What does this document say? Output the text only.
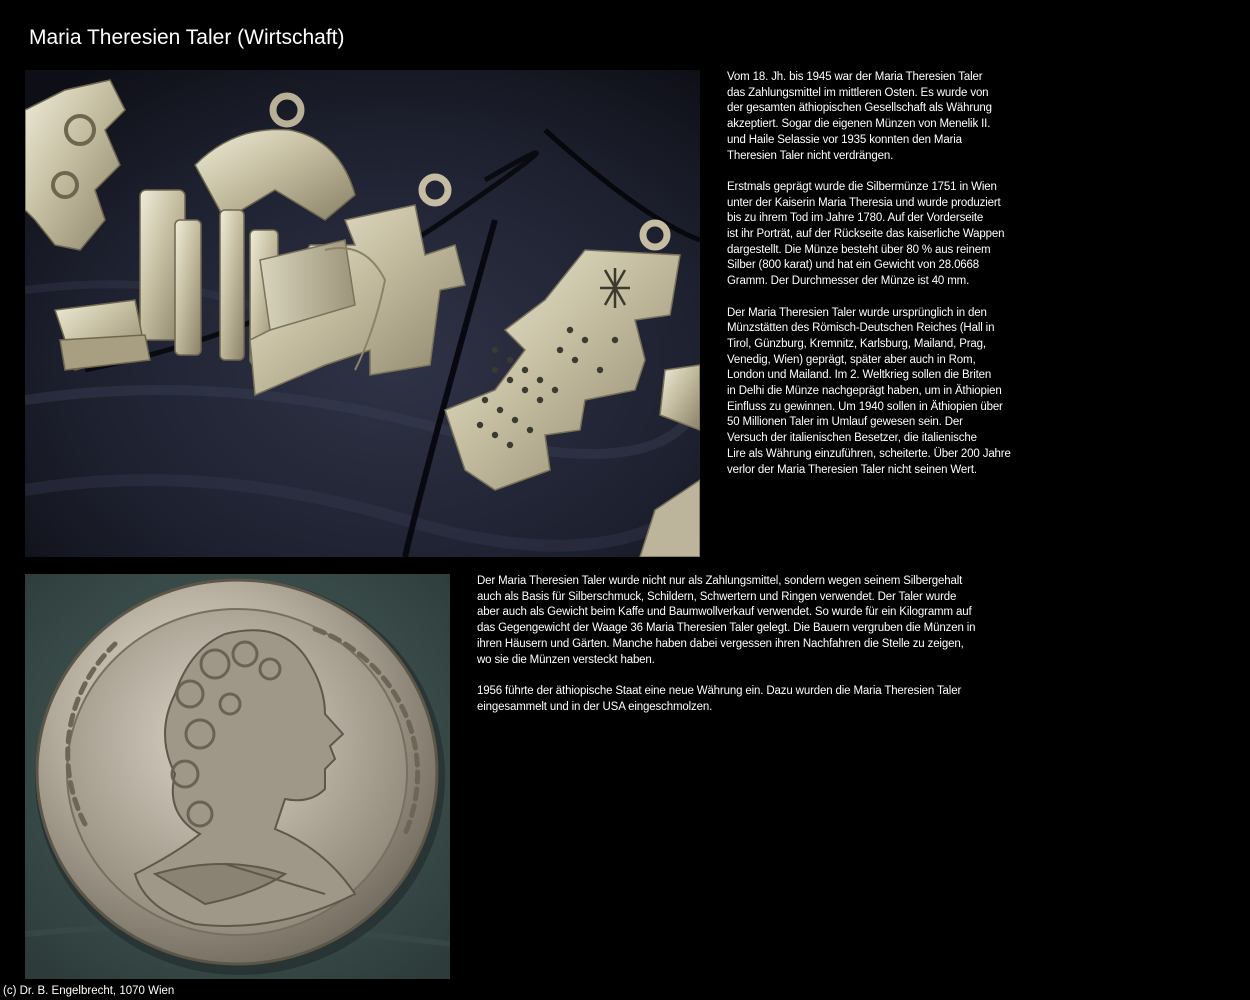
Maria Theresien Taler (Wirtschaft)

Vom 18. Jh. bis 1945 war der Maria Theresien Taler
das Zahlungsmittel im mittleren Osten. Es wurde von
der gesamten äthiopischen Gesellschaft als Währung
akzeptiert. Sogar die eigenen Münzen von Menelik II.
und Haile Selassie vor 1935 konnten den Maria
Theresien Taler nicht verdrängen.

Erstmals geprägt wurde die Silbermünze 1751 in Wien
unter der Kaiserin Maria Theresia und wurde produziert
bis zu ihrem Tod im Jahre 1780. Auf der Vorderseite
ist ihr Porträt, auf der Rückseite das kaiserliche Wappen
dargestellt. Die Münze besteht über 80 % aus reinem
Silber (800 karat) und hat ein Gewicht von 28.0668
Gramm. Der Durchmesser der Münze ist 40 mm.

Der Maria Theresien Taler wurde ursprünglich in den
Münzstätten des Römisch-Deutschen Reiches (Hall in
Tirol, Günzburg, Kremnitz, Karlsburg, Mailand, Prag,
Venedig, Wien) geprägt, später aber auch in Rom,
London und Mailand. Im 2. Weltkrieg sollen die Briten
in Delhi die Münze nachgeprägt haben, um in Äthiopien
Einfluss zu gewinnen. Um 1940 sollen in Äthiopien über
50 Millionen Taler im Umlauf gewesen sein. Der
Versuch der italienischen Besetzer, die italienische
Lire als Währung einzuführen, scheiterte. Über 200 Jahre
verlor der Maria Theresien Taler nicht seinen Wert.

Der Maria Theresien Taler wurde nicht nur als Zahlungsmittel, sondern wegen seinem Silbergehalt
auch als Basis für Silberschmuck, Schildern, Schwertern und Ringen verwendet. Der Taler wurde
aber auch als Gewicht beim Kaffe und Baumwollverkauf verwendet. So wurde für ein Kilogramm auf
das Gegengewicht der Waage 36 Maria Theresien Taler gelegt. Die Bauern vergruben die Münzen in
ihren Häusern und Gärten. Manche haben dabei vergessen ihren Nachfahren die Stelle zu zeigen,
wo sie die Münzen versteckt haben.

1956 führte der äthiopische Staat eine neue Währung ein. Dazu wurden die Maria Theresien Taler
eingesammelt und in der USA eingeschmolzen.

(c) Dr. B. Engelbrecht, 1070 Wien
